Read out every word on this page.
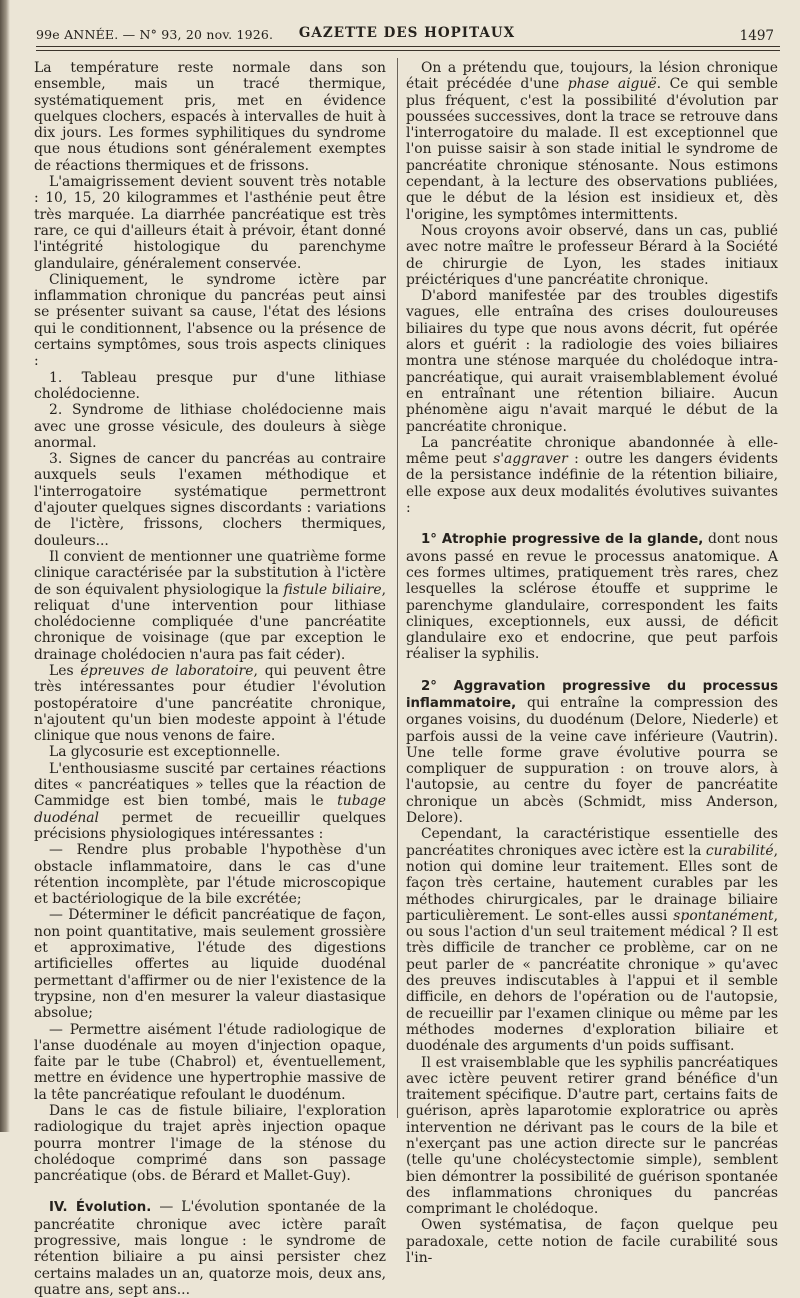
99e ANNÉE. — N° 93, 20 nov. 1926.	GAZETTE DES HOPITAUX	1497

La température reste normale dans son ensemble, mais un tracé thermique, systématiquement pris, met en évidence quelques clochers, espacés à intervalles de huit à dix jours. Les formes syphilitiques du syndrome que nous étudions sont généralement exemptes de réactions thermiques et de frissons.

L'amaigrissement devient souvent très notable : 10, 15, 20 kilogrammes et l'asthénie peut être très marquée. La diarrhée pancréatique est très rare, ce qui d'ailleurs était à prévoir, étant donné l'intégrité histologique du parenchyme glandulaire, généralement conservée.

Cliniquement, le syndrome ictère par inflammation chronique du pancréas peut ainsi se présenter suivant sa cause, l'état des lésions qui le conditionnent, l'absence ou la présence de certains symptômes, sous trois aspects cliniques :

1. Tableau presque pur d'une lithiase cholédocienne.

2. Syndrome de lithiase cholédocienne mais avec une grosse vésicule, des douleurs à siège anormal.

3. Signes de cancer du pancréas au contraire auxquels seuls l'examen méthodique et l'interrogatoire systématique permettront d'ajouter quelques signes discordants : variations de l'ictère, frissons, clochers thermiques, douleurs...

Il convient de mentionner une quatrième forme clinique caractérisée par la substitution à l'ictère de son équivalent physiologique la fistule biliaire, reliquat d'une intervention pour lithiase cholédocienne compliquée d'une pancréatite chronique de voisinage (que par exception le drainage cholédocien n'aura pas fait céder).

Les épreuves de laboratoire, qui peuvent être très intéressantes pour étudier l'évolution postopératoire d'une pancréatite chronique, n'ajoutent qu'un bien modeste appoint à l'étude clinique que nous venons de faire.

La glycosurie est exceptionnelle.

L'enthousiasme suscité par certaines réactions dites « pancréatiques » telles que la réaction de Cammidge est bien tombé, mais le tubage duodénal permet de recueillir quelques précisions physiologiques intéressantes :

— Rendre plus probable l'hypothèse d'un obstacle inflammatoire, dans le cas d'une rétention incomplète, par l'étude microscopique et bactériologique de la bile excrétée;

— Déterminer le déficit pancréatique de façon, non point quantitative, mais seulement grossière et approximative, l'étude des digestions artificielles offertes au liquide duodénal permettant d'affirmer ou de nier l'existence de la trypsine, non d'en mesurer la valeur diastasique absolue;

— Permettre aisément l'étude radiologique de l'anse duodénale au moyen d'injection opaque, faite par le tube (Chabrol) et, éventuellement, mettre en évidence une hypertrophie massive de la tête pancréatique refoulant le duodénum.

Dans le cas de fistule biliaire, l'exploration radiologique du trajet après injection opaque pourra montrer l'image de la sténose du cholédoque comprimé dans son passage pancréatique (obs. de Bérard et Mallet-Guy).

IV. Évolution. — L'évolution spontanée de la pancréatite chronique avec ictère paraît progressive, mais longue : le syndrome de rétention biliaire a pu ainsi persister chez certains malades un an, quatorze mois, deux ans, quatre ans, sept ans...

On a prétendu que, toujours, la lésion chronique était précédée d'une phase aiguë. Ce qui semble plus fréquent, c'est la possibilité d'évolution par poussées successives, dont la trace se retrouve dans l'interrogatoire du malade. Il est exceptionnel que l'on puisse saisir à son stade initial le syndrome de pancréatite chronique sténosante. Nous estimons cependant, à la lecture des observations publiées, que le début de la lésion est insidieux et, dès l'origine, les symptômes intermittents.

Nous croyons avoir observé, dans un cas, publié avec notre maître le professeur Bérard à la Société de chirurgie de Lyon, les stades initiaux préictériques d'une pancréatite chronique.

D'abord manifestée par des troubles digestifs vagues, elle entraîna des crises douloureuses biliaires du type que nous avons décrit, fut opérée alors et guérit : la radiologie des voies biliaires montra une sténose marquée du cholédoque intra-pancréatique, qui aurait vraisemblablement évolué en entraînant une rétention biliaire. Aucun phénomène aigu n'avait marqué le début de la pancréatite chronique.

La pancréatite chronique abandonnée à elle-même peut s'aggraver : outre les dangers évidents de la persistance indéfinie de la rétention biliaire, elle expose aux deux modalités évolutives suivantes :

1° Atrophie progressive de la glande, dont nous avons passé en revue le processus anatomique. A ces formes ultimes, pratiquement très rares, chez lesquelles la sclérose étouffe et supprime le parenchyme glandulaire, correspondent les faits cliniques, exceptionnels, eux aussi, de déficit glandulaire exo et endocrine, que peut parfois réaliser la syphilis.

2° Aggravation progressive du processus inflammatoire, qui entraîne la compression des organes voisins, du duodénum (Delore, Niederle) et parfois aussi de la veine cave inférieure (Vautrin). Une telle forme grave évolutive pourra se compliquer de suppuration : on trouve alors, à l'autopsie, au centre du foyer de pancréatite chronique un abcès (Schmidt, miss Anderson, Delore).

Cependant, la caractéristique essentielle des pancréatites chroniques avec ictère est la curabilité, notion qui domine leur traitement. Elles sont de façon très certaine, hautement curables par les méthodes chirurgicales, par le drainage biliaire particulièrement. Le sont-elles aussi spontanément, ou sous l'action d'un seul traitement médical ? Il est très difficile de trancher ce problème, car on ne peut parler de « pancréatite chronique » qu'avec des preuves indiscutables à l'appui et il semble difficile, en dehors de l'opération ou de l'autopsie, de recueillir par l'examen clinique ou même par les méthodes modernes d'exploration biliaire et duodénale des arguments d'un poids suffisant.

Il est vraisemblable que les syphilis pancréatiques avec ictère peuvent retirer grand bénéfice d'un traitement spécifique. D'autre part, certains faits de guérison, après laparotomie exploratrice ou après intervention ne dérivant pas le cours de la bile et n'exerçant pas une action directe sur le pancréas (telle qu'une cholécystectomie simple), semblent bien démontrer la possibilité de guérison spontanée des inflammations chroniques du pancréas comprimant le cholédoque.

Owen systématisa, de façon quelque peu paradoxale, cette notion de facile curabilité sous l'in-
